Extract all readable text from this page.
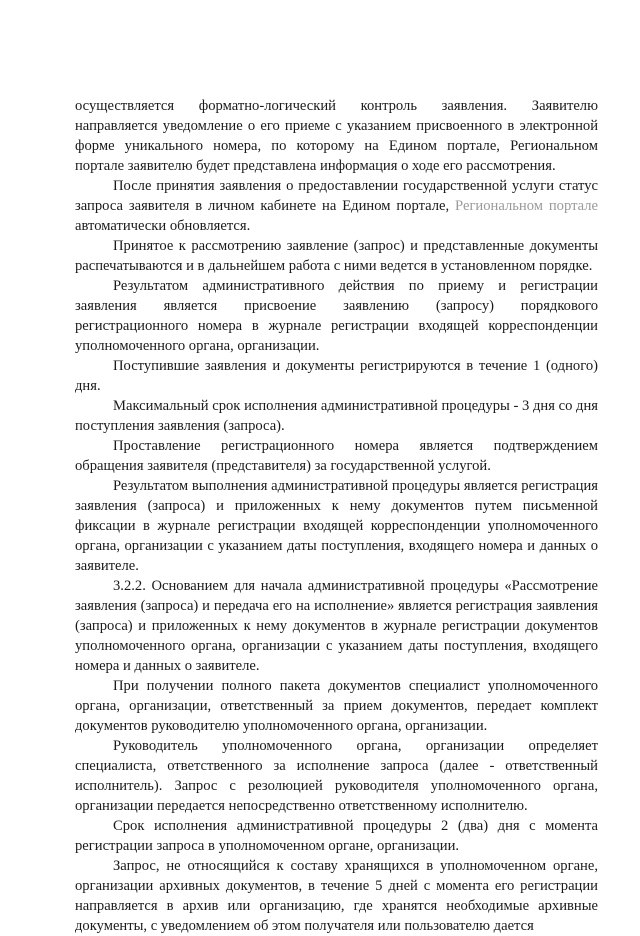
осуществляется форматно-логический контроль заявления. Заявителю направляется уведомление о его приеме с указанием присвоенного в электронной форме уникального номера, по которому на Едином портале, Региональном портале заявителю будет представлена информация о ходе его рассмотрения.

После принятия заявления о предоставлении государственной услуги статус запроса заявителя в личном кабинете на Едином портале, Региональном портале автоматически обновляется.

Принятое к рассмотрению заявление (запрос) и представленные документы распечатываются и в дальнейшем работа с ними ведется в установленном порядке.

Результатом административного действия по приему и регистрации заявления является присвоение заявлению (запросу) порядкового регистрационного номера в журнале регистрации входящей корреспонденции уполномоченного органа, организации.

Поступившие заявления и документы регистрируются в течение 1 (одного) дня.

Максимальный срок исполнения административной процедуры - 3 дня со дня поступления заявления (запроса).

Проставление регистрационного номера является подтверждением обращения заявителя (представителя) за государственной услугой.

Результатом выполнения административной процедуры является регистрация заявления (запроса) и приложенных к нему документов путем письменной фиксации в журнале регистрации входящей корреспонденции уполномоченного органа, организации с указанием даты поступления, входящего номера и данных о заявителе.

3.2.2. Основанием для начала административной процедуры «Рассмотрение заявления (запроса) и передача его на исполнение» является регистрация заявления (запроса) и приложенных к нему документов в журнале регистрации документов уполномоченного органа, организации с указанием даты поступления, входящего номера и данных о заявителе.

При получении полного пакета документов специалист уполномоченного органа, организации, ответственный за прием документов, передает комплект документов руководителю уполномоченного органа, организации.

Руководитель уполномоченного органа, организации определяет специалиста, ответственного за исполнение запроса (далее - ответственный исполнитель). Запрос с резолюцией руководителя уполномоченного органа, организации передается непосредственно ответственному исполнителю.

Срок исполнения административной процедуры 2 (два) дня с момента регистрации запроса в уполномоченном органе, организации.

Запрос, не относящийся к составу хранящихся в уполномоченном органе, организации архивных документов, в течение 5 дней с момента его регистрации направляется в архив или организацию, где хранятся необходимые архивные документы, с уведомлением об этом получателя или пользователю дается
